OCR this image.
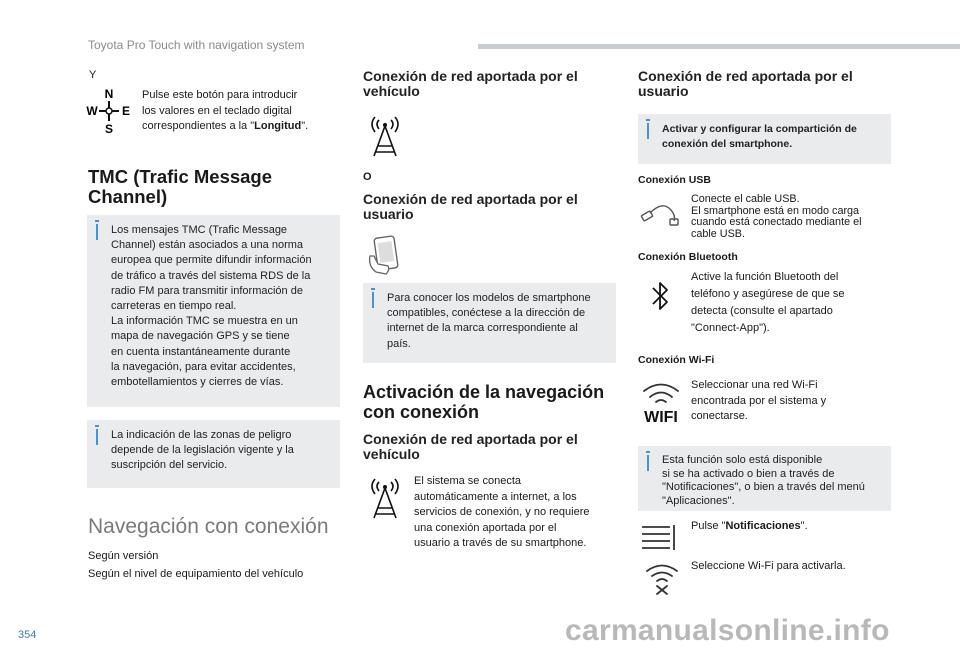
Toyota Pro Touch with navigation system
Y
N
W E
S
Pulse este botón para introducir
los valores en el teclado digital
correspondientes a la "Longitud".
TMC (Trafic Message
Channel)
Los mensajes TMC (Trafic Message
Channel) están asociados a una norma
europea que permite difundir información
de tráfico a través del sistema RDS de la
radio FM para transmitir información de
carreteras en tiempo real.
La información TMC se muestra en un
mapa de navegación GPS y se tiene
en cuenta instantáneamente durante
la navegación, para evitar accidentes,
embotellamientos y cierres de vías.
La indicación de las zonas de peligro
depende de la legislación vigente y la
suscripción del servicio.
Navegación con conexión
Según versión
Según el nivel de equipamiento del vehículo
Conexión de red aportada por el
vehículo
O
Conexión de red aportada por el
usuario
Para conocer los modelos de smartphone
compatibles, conéctese a la dirección de
internet de la marca correspondiente al
país.
Activación de la navegación
con conexión
Conexión de red aportada por el
vehículo
El sistema se conecta
automáticamente a internet, a los
servicios de conexión, y no requiere
una conexión aportada por el
usuario a través de su smartphone.
Conexión de red aportada por el
usuario
Activar y configurar la compartición de
conexión del smartphone.
Conexión USB
Conecte el cable USB.
El smartphone está en modo carga
cuando está conectado mediante el
cable USB.
Conexión Bluetooth
Active la función Bluetooth del
teléfono y asegúrese de que se
detecta (consulte el apartado
"Connect-App").
Conexión Wi-Fi
WIFI
Seleccionar una red Wi-Fi
encontrada por el sistema y
conectarse.
Esta función solo está disponible
si se ha activado o bien a través de
"Notificaciones", o bien a través del menú
"Aplicaciones".
Pulse "Notificaciones".
Seleccione Wi-Fi para activarla.
354	carmanualsonline.info
